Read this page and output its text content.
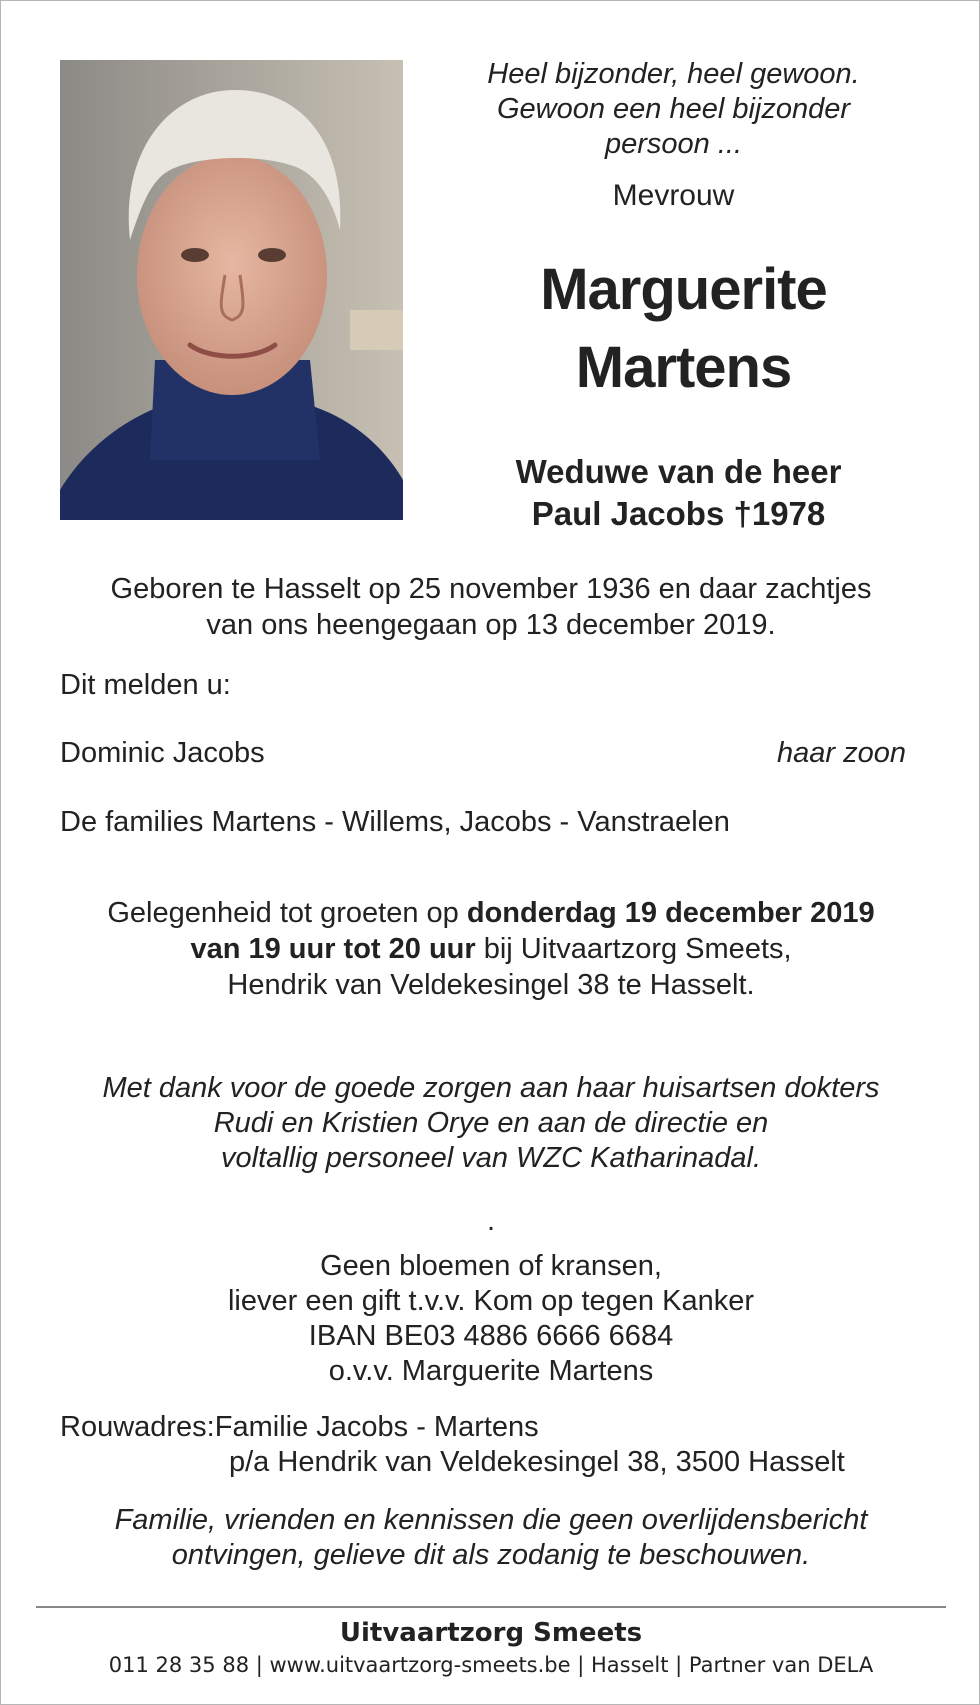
Heel bijzonder, heel gewoon.
Gewoon een heel bijzonder
persoon ...
Mevrouw
Marguerite
Martens
Weduwe van de heer
Paul Jacobs †1978
Geboren te Hasselt op 25 november 1936 en daar zachtjes
van ons heengegaan op 13 december 2019.
Dit melden u:
Dominic Jacobs	haar zoon
De families Martens - Willems, Jacobs - Vanstraelen
Gelegenheid tot groeten op donderdag 19 december 2019
van 19 uur tot 20 uur bij Uitvaartzorg Smeets,
Hendrik van Veldekesingel 38 te Hasselt.
Met dank voor de goede zorgen aan haar huisartsen dokters
Rudi en Kristien Orye en aan de directie en
voltallig personeel van WZC Katharinadal.
.
Geen bloemen of kransen,
liever een gift t.v.v. Kom op tegen Kanker
IBAN BE03 4886 6666 6684
o.v.v. Marguerite Martens
Rouwadres:Familie Jacobs - Martens
p/a Hendrik van Veldekesingel 38, 3500 Hasselt
Familie, vrienden en kennissen die geen overlijdensbericht
ontvingen, gelieve dit als zodanig te beschouwen.
Uitvaartzorg Smeets
011 28 35 88 | www.uitvaartzorg-smeets.be | Hasselt | Partner van DELA
